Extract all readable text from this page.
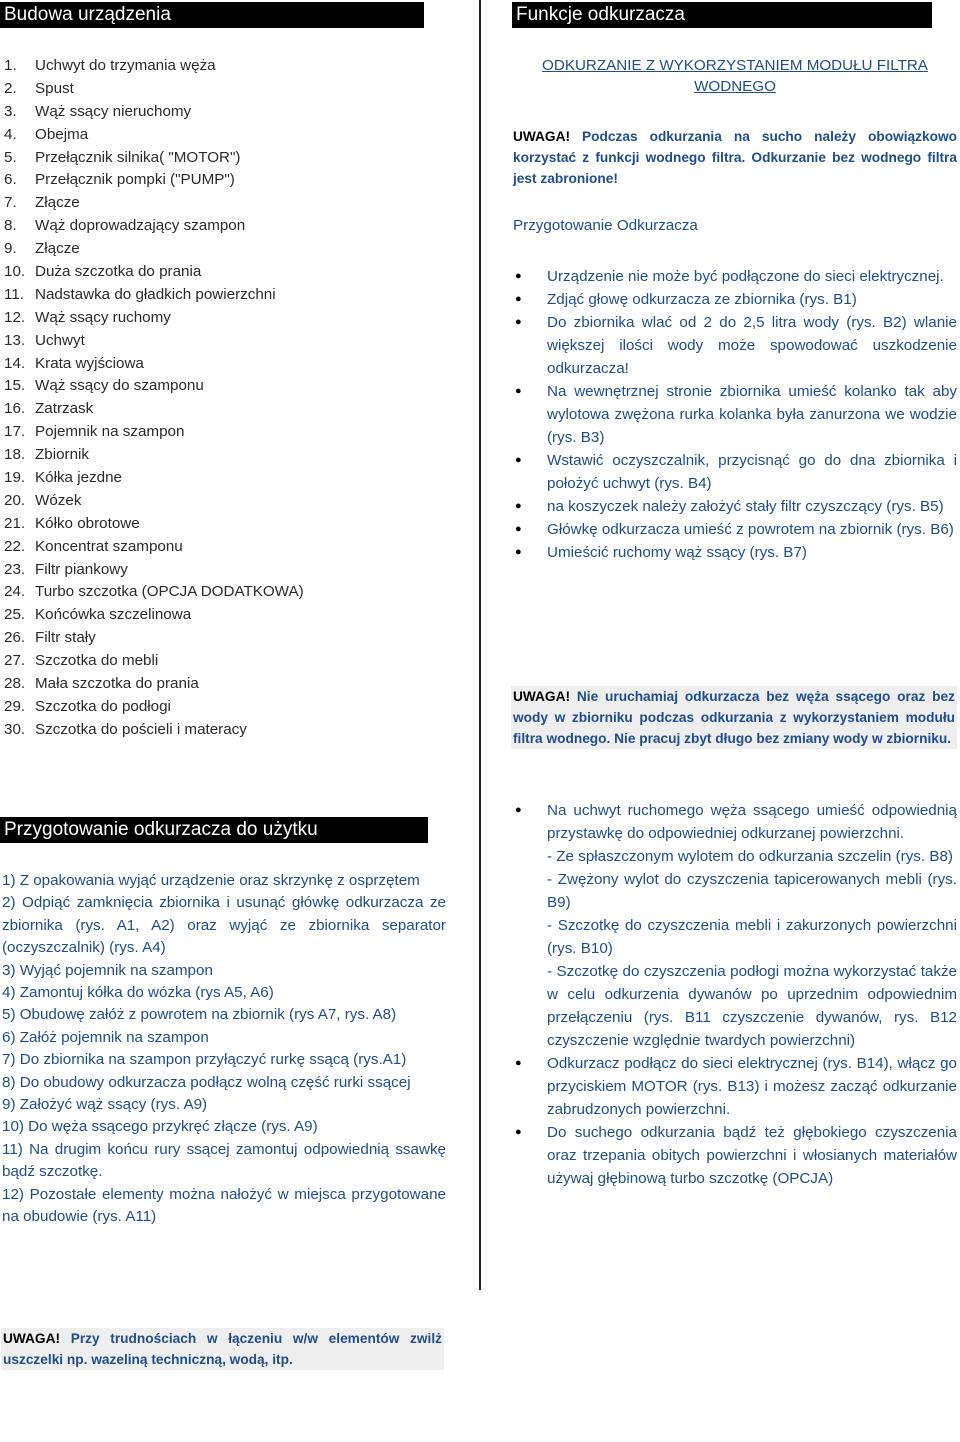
Budowa urządzenia
1. Uchwyt do trzymania węża
2. Spust
3. Wąż ssący nieruchomy
4. Obejma
5. Przełącznik silnika( "MOTOR")
6. Przełącznik pompki ("PUMP")
7. Złącze
8. Wąż doprowadzający szampon
9. Złącze
10. Duża szczotka do prania
11. Nadstawka do gładkich powierzchni
12. Wąż ssący ruchomy
13. Uchwyt
14. Krata wyjściowa
15. Wąż ssący do szamponu
16. Zatrzask
17. Pojemnik na szampon
18. Zbiornik
19. Kółka jezdne
20. Wózek
21. Kółko obrotowe
22. Koncentrat szamponu
23. Filtr piankowy
24. Turbo szczotka (OPCJA DODATKOWA)
25. Końcówka szczelinowa
26. Filtr stały
27. Szczotka do mebli
28. Mała szczotka do prania
29. Szczotka do podłogi
30. Szczotka do pościeli i materacy
Przygotowanie odkurzacza do użytku

1) Z opakowania wyjąć urządzenie oraz skrzynkę z osprzętem

2) Odpiąć zamknięcia zbiornika i usunąć główkę odkurzacza ze zbiornika (rys. A1, A2) oraz wyjąć ze zbiornika separator (oczyszczalnik) (rys. A4)

3) Wyjąć pojemnik na szampon

4) Zamontuj kółka do wózka (rys A5, A6)

5) Obudowę załóż z powrotem na zbiornik (rys A7, rys. A8)

6) Załóż pojemnik na szampon

7) Do zbiornika na szampon przyłączyć rurkę ssącą (rys.A1)

8) Do obudowy odkurzacza podłącz wolną część rurki ssącej

9) Założyć wąż ssący (rys. A9)

10) Do węża ssącego przykręć złącze (rys. A9)

11) Na drugim końcu rury ssącej zamontuj odpowiednią ssawkę bądź szczotkę.

12) Pozostałe elementy można nałożyć w miejsca przygotowane na obudowie (rys. A11)

UWAGA! Przy trudnościach w łączeniu w/w elementów zwilż uszczelki np. wazeliną techniczną, wodą, itp.
Funkcje odkurzacza
ODKURZANIE Z WYKORZYSTANIEM MODUŁU FILTRA WODNEGO
UWAGA! Podczas odkurzania na sucho należy obowiązkowo korzystać z funkcji wodnego filtra. Odkurzanie bez wodnego filtra jest zabronione!
Przygotowanie Odkurzacza
● Urządzenie nie może być podłączone do sieci elektrycznej.
● Zdjąć głowę odkurzacza ze zbiornika (rys. B1)
● Do zbiornika wlać od 2 do 2,5 litra wody (rys. B2) wlanie większej ilości wody może spowodować uszkodzenie odkurzacza!
● Na wewnętrznej stronie zbiornika umieść kolanko tak aby wylotowa zwężona rurka kolanka była zanurzona we wodzie (rys. B3)
● Wstawić oczyszczalnik, przycisnąć go do dna zbiornika i położyć uchwyt (rys. B4)
● na koszyczek należy założyć stały filtr czyszczący (rys. B5)
● Główkę odkurzacza umieść z powrotem na zbiornik (rys. B6)
● Umieścić ruchomy wąż ssący (rys. B7)
UWAGA! Nie uruchamiaj odkurzacza bez węża ssącego oraz bez wody w zbiorniku podczas odkurzania z wykorzystaniem modułu filtra wodnego. Nie pracuj zbyt długo bez zmiany wody w zbiorniku.
● Na uchwyt ruchomego węża ssącego umieść odpowiednią przystawkę do odpowiedniej odkurzanej powierzchni.
- Ze spłaszczonym wylotem do odkurzania szczelin (rys. B8)
- Zwężony wylot do czyszczenia tapicerowanych mebli (rys. B9)
- Szczotkę do czyszczenia mebli i zakurzonych powierzchni (rys. B10)
- Szczotkę do czyszczenia podłogi można wykorzystać także w celu odkurzenia dywanów po uprzednim odpowiednim przełączeniu (rys. B11 czyszczenie dywanów, rys. B12 czyszczenie względnie twardych powierzchni)
● Odkurzacz podłącz do sieci elektrycznej (rys. B14), włącz go przyciskiem MOTOR (rys. B13) i możesz zacząć odkurzanie zabrudzonych powierzchni.
● Do suchego odkurzania bądź też głębokiego czyszczenia oraz trzepania obitych powierzchni i włosianych materiałów używaj głębinową turbo szczotkę (OPCJA)
